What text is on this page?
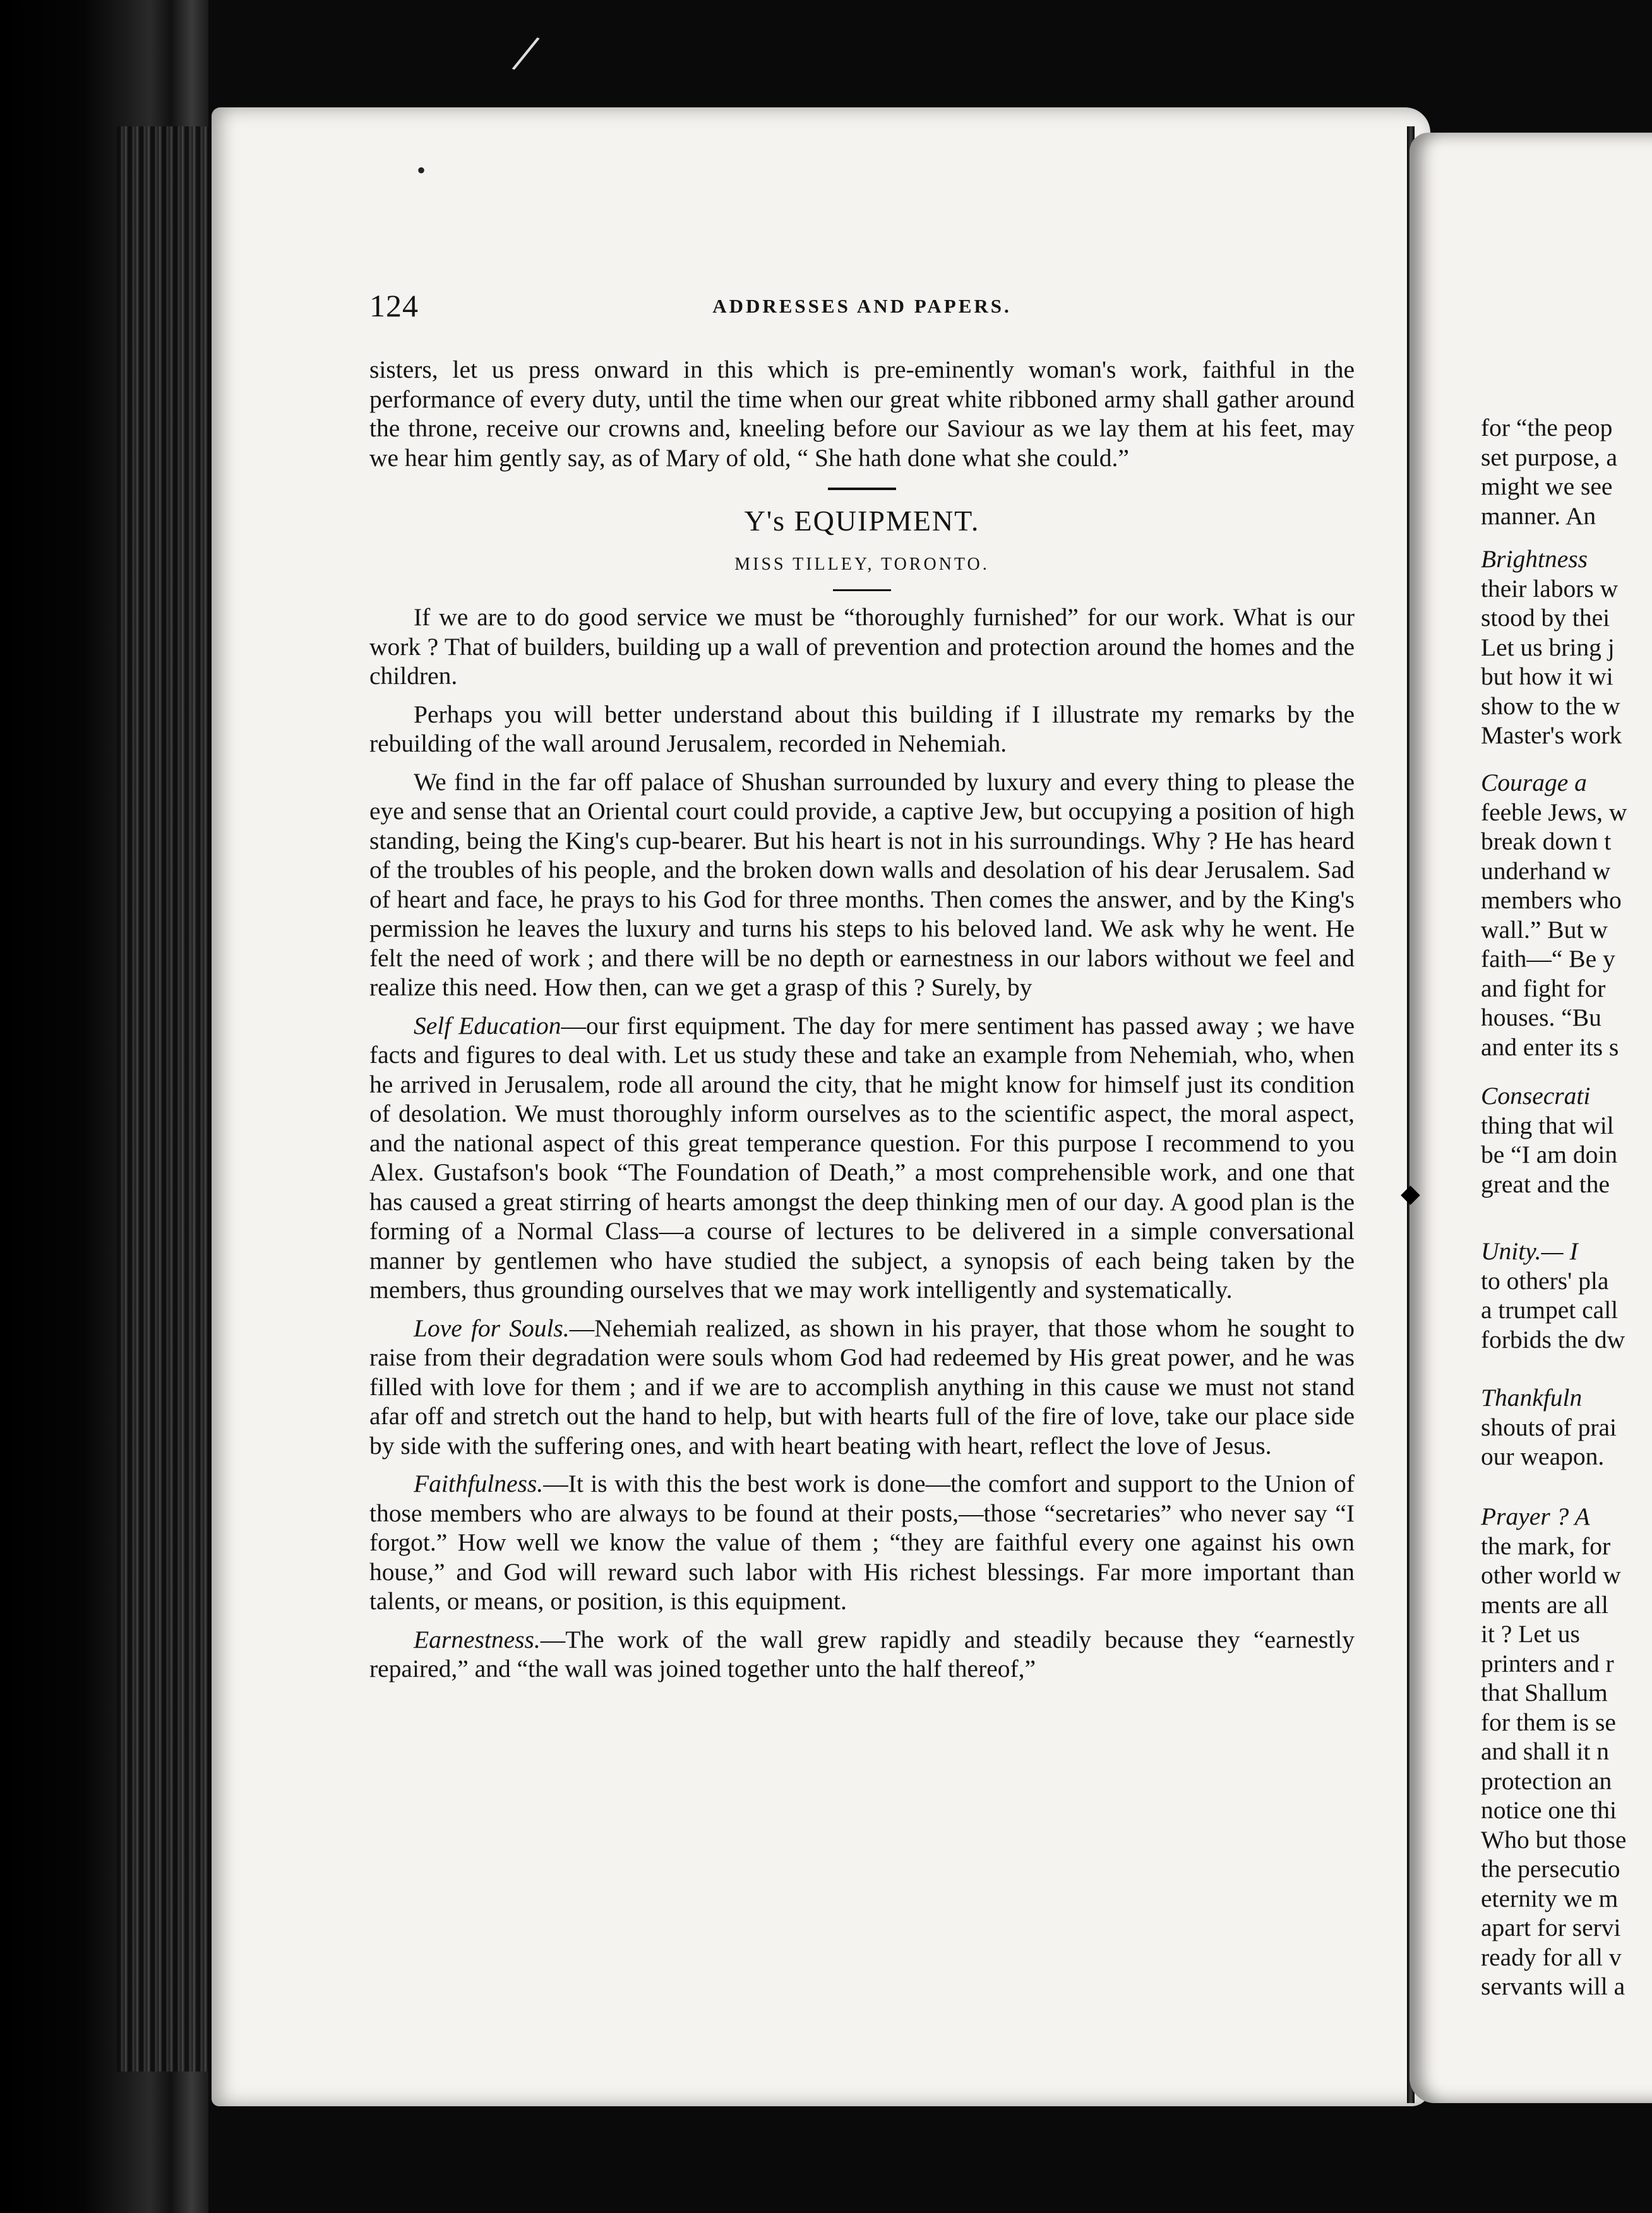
/
•
◆
124	ADDRESSES AND PAPERS.

sisters, let us press onward in this which is pre-eminently woman's work, faithful in the performance of every duty, until the time when our great white ribboned army shall gather around the throne, receive our crowns and, kneeling before our Saviour as we lay them at his feet, may we hear him gently say, as of Mary of old, “ She hath done what she could.”

Y's EQUIPMENT.
MISS TILLEY, TORONTO.

If we are to do good service we must be “thoroughly furnished” for our work. What is our work ? That of builders, building up a wall of prevention and protection around the homes and the children.

Perhaps you will better understand about this building if I illustrate my remarks by the rebuilding of the wall around Jerusalem, recorded in Nehemiah.

We find in the far off palace of Shushan surrounded by luxury and every thing to please the eye and sense that an Oriental court could provide, a captive Jew, but occupying a position of high standing, being the King's cup-bearer. But his heart is not in his surroundings. Why ? He has heard of the troubles of his people, and the broken down walls and desolation of his dear Jerusalem. Sad of heart and face, he prays to his God for three months. Then comes the answer, and by the King's permission he leaves the luxury and turns his steps to his beloved land. We ask why he went. He felt the need of work ; and there will be no depth or earnestness in our labors without we feel and realize this need. How then, can we get a grasp of this ? Surely, by

Self Education—our first equipment. The day for mere sentiment has passed away ; we have facts and figures to deal with. Let us study these and take an example from Nehemiah, who, when he arrived in Jerusalem, rode all around the city, that he might know for himself just its condition of desolation. We must thoroughly inform ourselves as to the scientific aspect, the moral aspect, and the national aspect of this great temperance question. For this purpose I recommend to you Alex. Gustafson's book “The Foundation of Death,” a most comprehensible work, and one that has caused a great stirring of hearts amongst the deep thinking men of our day. A good plan is the forming of a Normal Class—a course of lectures to be delivered in a simple conversational manner by gentlemen who have studied the subject, a synopsis of each being taken by the members, thus grounding ourselves that we may work intelligently and systematically.

Love for Souls.—Nehemiah realized, as shown in his prayer, that those whom he sought to raise from their degradation were souls whom God had redeemed by His great power, and he was filled with love for them ; and if we are to accomplish anything in this cause we must not stand afar off and stretch out the hand to help, but with hearts full of the fire of love, take our place side by side with the suffering ones, and with heart beating with heart, reflect the love of Jesus.

Faithfulness.—It is with this the best work is done—the comfort and support to the Union of those members who are always to be found at their posts,—those “secretaries” who never say “I forgot.” How well we know the value of them ; “they are faithful every one against his own house,” and God will reward such labor with His richest blessings. Far more important than talents, or means, or position, is this equipment.

Earnestness.—The work of the wall grew rapidly and steadily because they “earnestly repaired,” and “the wall was joined together unto the half thereof,”

for “the peop
set purpose, a
might we see
manner. An
Brightness
their labors w
stood by thei
Let us bring j
but how it wi
show to the w
Master's work
Courage a
feeble Jews, w
break down t
underhand w
members who
wall.” But w
faith—“ Be y
and fight for
houses. “Bu
and enter its s
Consecrati
thing that wil
be “I am doin
great and the
Unity.— I
to others' pla
a trumpet call
forbids the dw
Thankfuln
shouts of prai
our weapon.
Prayer ? A
the mark, for
other world w
ments are all
it ? Let us
printers and r
that Shallum
for them is se
and shall it n
protection an
notice one thi
Who but those
the persecutio
eternity we m
apart for servi
ready for all v
servants will a
